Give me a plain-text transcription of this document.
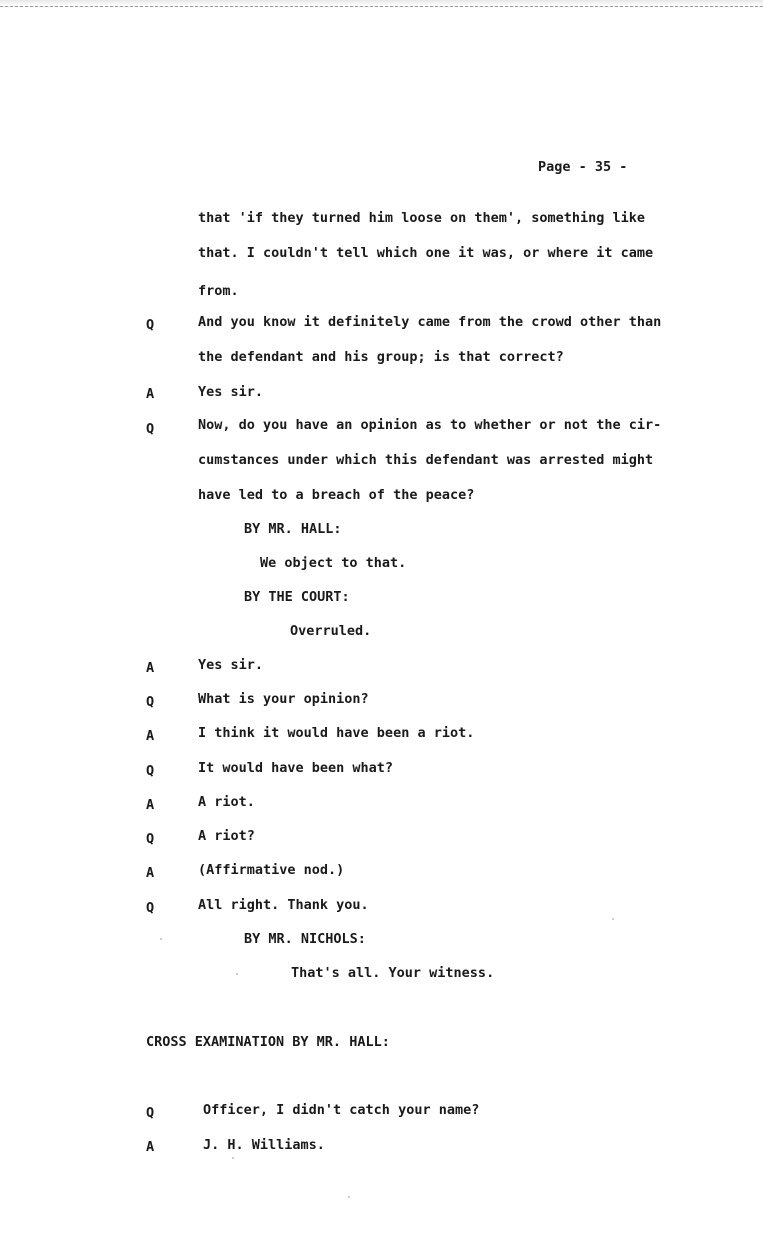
Page - 35 -
that 'if they turned him loose on them', something like
that. I couldn't tell which one it was, or where it came
from.
Q	And you know it definitely came from the crowd other than
the defendant and his group; is that correct?
A	Yes sir.
Q	Now, do you have an opinion as to whether or not the cir-
cumstances under which this defendant was arrested might
have led to a breach of the peace?
BY MR. HALL:
We object to that.
BY THE COURT:
Overruled.
A	Yes sir.
Q	What is your opinion?
A	I think it would have been a riot.
Q	It would have been what?
A	A riot.
Q	A riot?
A	(Affirmative nod.)
Q	All right. Thank you.
BY MR. NICHOLS:
That's all. Your witness.
CROSS EXAMINATION BY MR. HALL:
Q	Officer, I didn't catch your name?
A	J. H. Williams.
